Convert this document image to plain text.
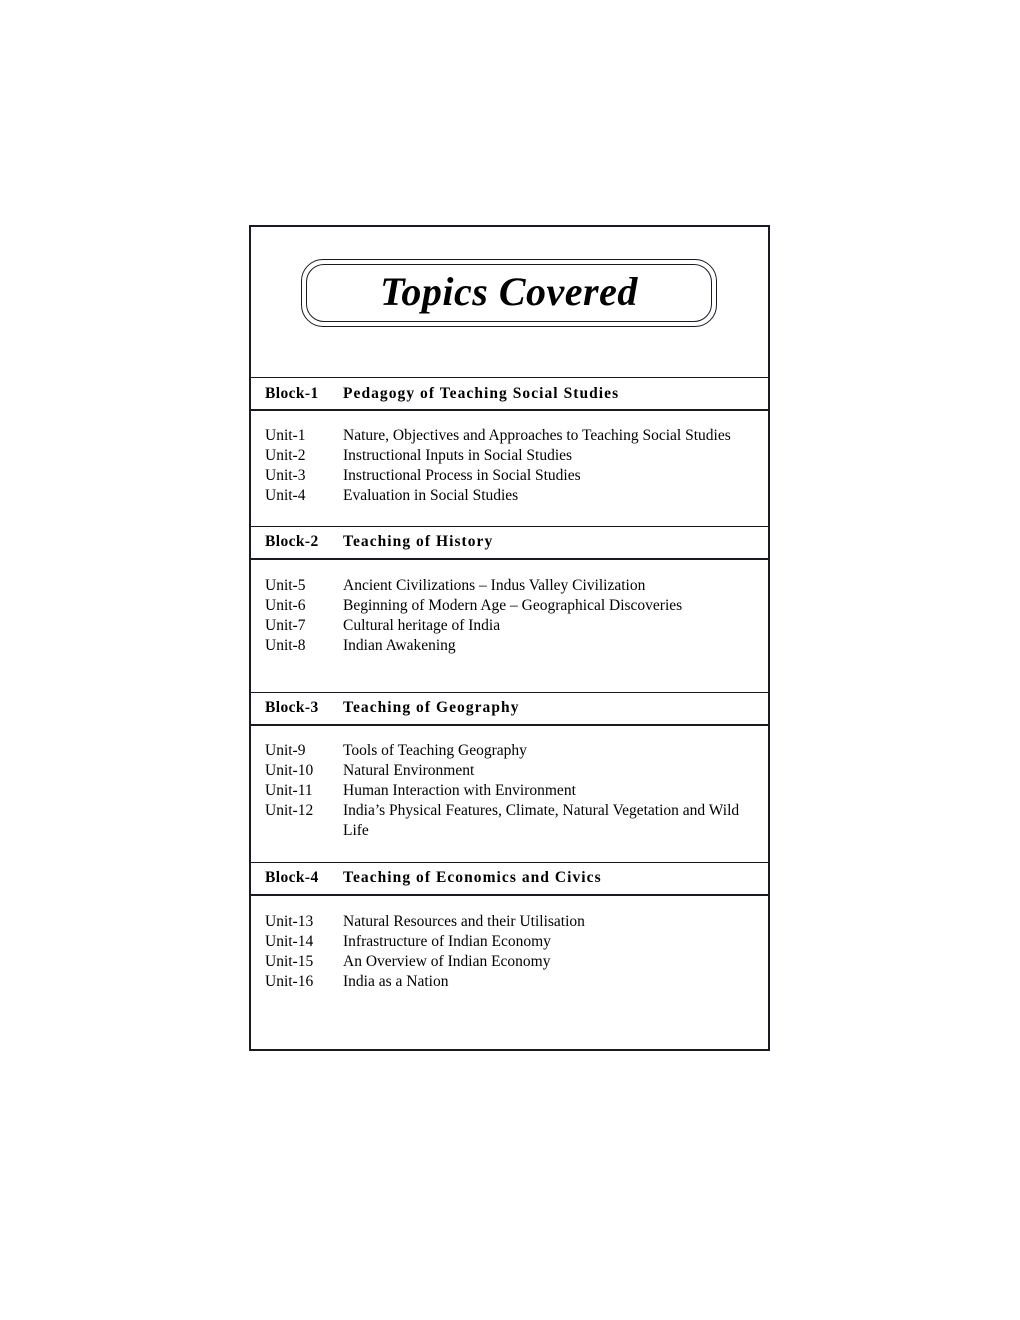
Topics Covered
Block-1	Pedagogy of Teaching Social Studies
Unit-1	Nature, Objectives and Approaches to Teaching Social Studies
Unit-2	Instructional Inputs in Social Studies
Unit-3	Instructional Process in Social Studies
Unit-4	Evaluation in Social Studies
Block-2	Teaching of History
Unit-5	Ancient Civilizations – Indus Valley Civilization
Unit-6	Beginning of Modern Age – Geographical Discoveries
Unit-7	Cultural heritage of India
Unit-8	Indian Awakening
Block-3	Teaching of Geography
Unit-9	Tools of Teaching Geography
Unit-10	Natural Environment
Unit-11	Human Interaction with Environment
Unit-12	India’s Physical Features, Climate, Natural Vegetation and Wild Life
Block-4	Teaching of Economics and Civics
Unit-13	Natural Resources and their Utilisation
Unit-14	Infrastructure of Indian Economy
Unit-15	An Overview of Indian Economy
Unit-16	India as a Nation
